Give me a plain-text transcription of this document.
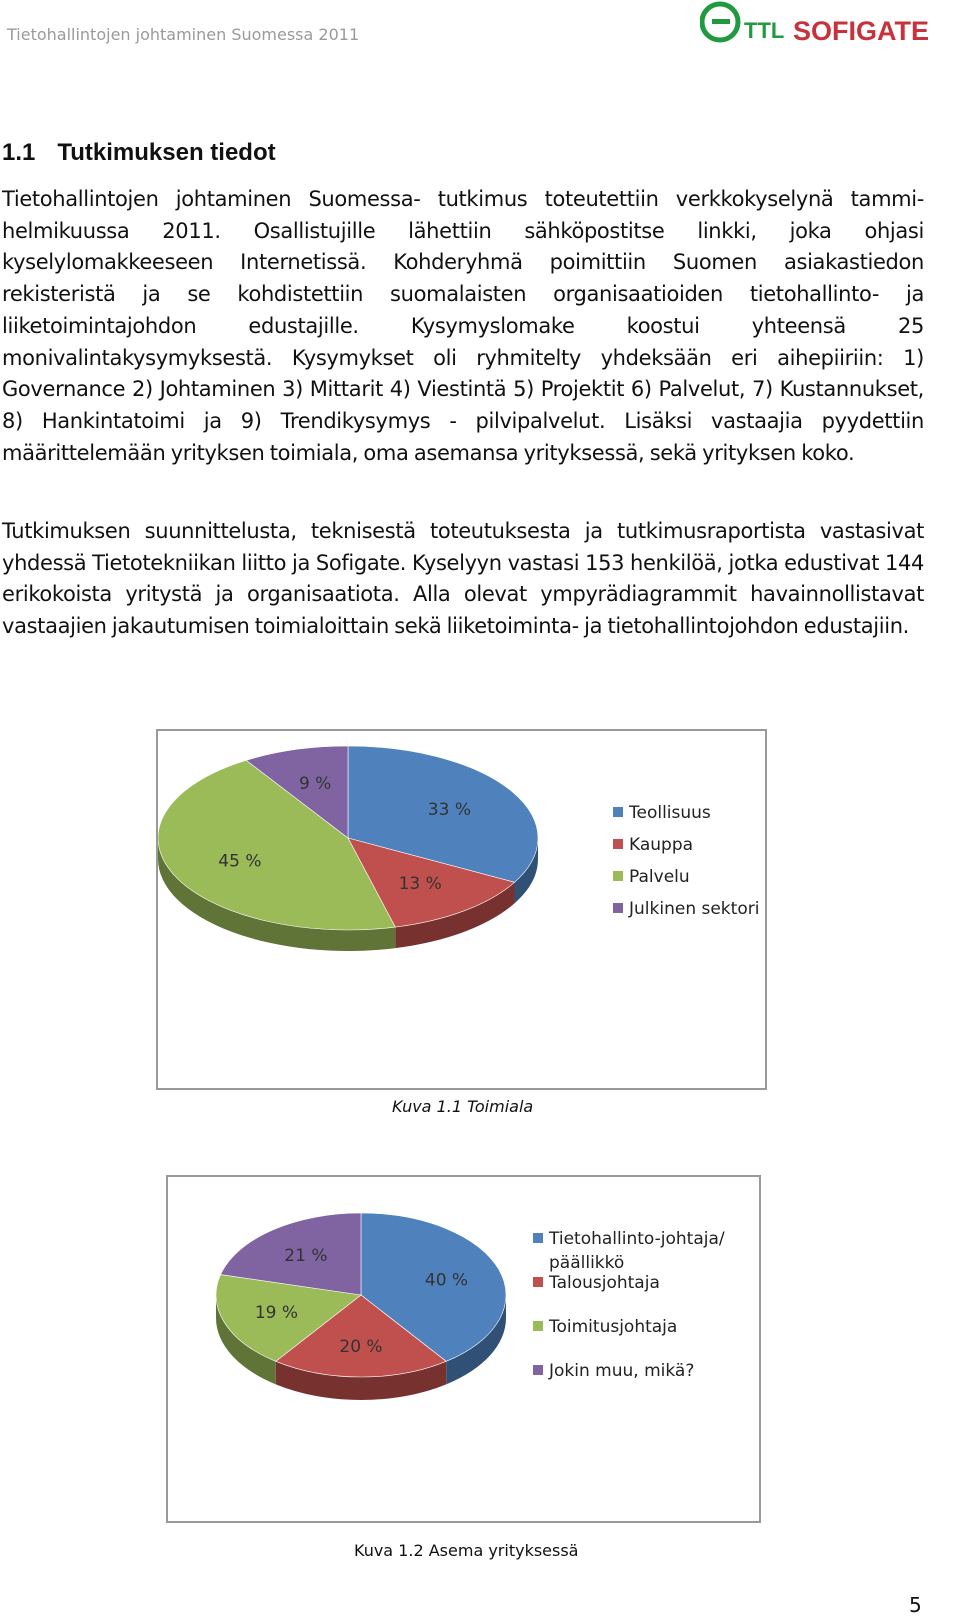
Tietohallintojen johtaminen Suomessa 2011	TTL SOFIGATE
1.1 Tutkimuksen tiedot

Tietohallintojen johtaminen Suomessa- tutkimus toteutettiin verkkokyselynä tammi-helmikuussa 2011. Osallistujille lähettiin sähköpostitse linkki, joka ohjasi kyselylomakkeeseen Internetissä. Kohderyhmä poimittiin Suomen asiakastiedon rekisteristä ja se kohdistettiin suomalaisten organisaatioiden tietohallinto- ja liiketoimintajohdon edustajille. Kysymyslomake koostui yhteensä 25 monivalintakysymyksestä. Kysymykset oli ryhmitelty yhdeksään eri aihepiiriin: 1) Governance 2) Johtaminen 3) Mittarit 4) Viestintä 5) Projektit 6) Palvelut, 7) Kustannukset, 8) Hankintatoimi ja 9) Trendikysymys - pilvipalvelut. Lisäksi vastaajia pyydettiin määrittelemään yrityksen toimiala, oma asemansa yrityksessä, sekä yrityksen koko.

Tutkimuksen suunnittelusta, teknisestä toteutuksesta ja tutkimusraportista vastasivat yhdessä Tietotekniikan liitto ja Sofigate. Kyselyyn vastasi 153 henkilöä, jotka edustivat 144 erikokoista yritystä ja organisaatiota. Alla olevat ympyrädiagrammit havainnollistavat vastaajien jakautumisen toimialoittain sekä liiketoiminta- ja tietohallintojohdon edustajiin.

33 %
13 %
45 %
9 %
Teollisuus
Kauppa
Palvelu
Julkinen sektori
Kuva 1.1 Toimiala
40 %
20 %
19 %
21 %
Tietohallinto-johtaja/
päällikkö
Talousjohtaja
Toimitusjohtaja
Jokin muu, mikä?
Kuva 1.2 Asema yrityksessä
5
